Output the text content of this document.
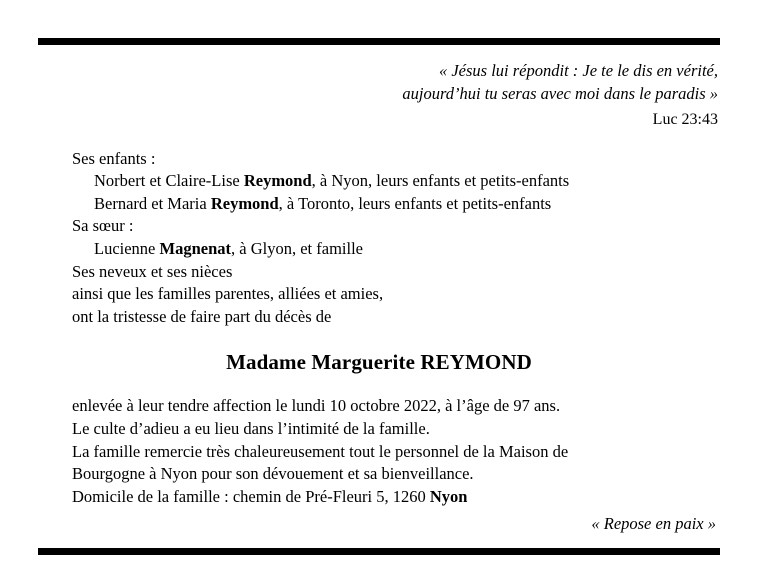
« Jésus lui répondit : Je te le dis en vérité,
aujourd’hui tu seras avec moi dans le paradis »
Luc 23:43
Ses enfants :
Norbert et Claire-Lise Reymond, à Nyon, leurs enfants et petits-enfants
Bernard et Maria Reymond, à Toronto, leurs enfants et petits-enfants
Sa sœur :
Lucienne Magnenat, à Glyon, et famille
Ses neveux et ses nièces
ainsi que les familles parentes, alliées et amies,
ont la tristesse de faire part du décès de
Madame Marguerite REYMOND
enlevée à leur tendre affection le lundi 10 octobre 2022, à l’âge de 97 ans.
Le culte d’adieu a eu lieu dans l’intimité de la famille.
La famille remercie très chaleureusement tout le personnel de la Maison de
Bourgogne à Nyon pour son dévouement et sa bienveillance.
Domicile de la famille : chemin de Pré-Fleuri 5, 1260 Nyon
« Repose en paix »
